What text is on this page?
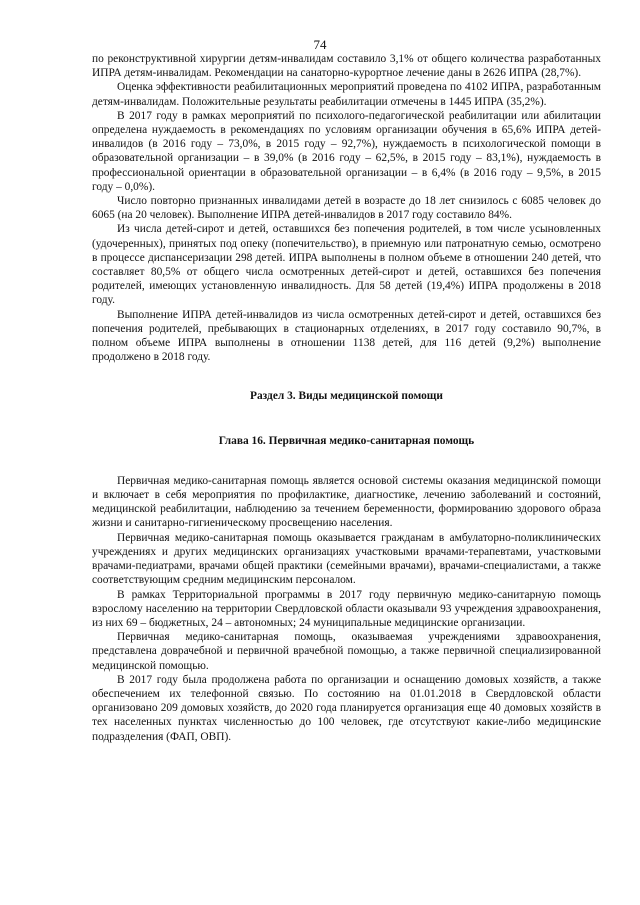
74

по реконструктивной хирургии детям-инвалидам составило 3,1% от общего количества разработанных ИПРА детям-инвалидам. Рекомендации на санаторно-курортное лечение даны в 2626 ИПРА (28,7%).

Оценка эффективности реабилитационных мероприятий проведена по 4102 ИПРА, разработанным детям-инвалидам. Положительные результаты реабилитации отмечены в 1445 ИПРА (35,2%).

В 2017 году в рамках мероприятий по психолого-педагогической реабилитации или абилитации определена нуждаемость в рекомендациях по условиям организации обучения в 65,6% ИПРА детей-инвалидов (в 2016 году – 73,0%, в 2015 году – 92,7%), нуждаемость в психологической помощи в образовательной организации – в 39,0% (в 2016 году – 62,5%, в 2015 году – 83,1%), нуждаемость в профессиональной ориентации в образовательной организации – в 6,4% (в 2016 году – 9,5%, в 2015 году – 0,0%).

Число повторно признанных инвалидами детей в возрасте до 18 лет снизилось с 6085 человек до 6065 (на 20 человек). Выполнение ИПРА детей-инвалидов в 2017 году составило 84%.

Из числа детей-сирот и детей, оставшихся без попечения родителей, в том числе усыновленных (удочеренных), принятых под опеку (попечительство), в приемную или патронатную семью, осмотрено в процессе диспансеризации 298 детей. ИПРА выполнены в полном объеме в отношении 240 детей, что составляет 80,5% от общего числа осмотренных детей-сирот и детей, оставшихся без попечения родителей, имеющих установленную инвалидность. Для 58 детей (19,4%) ИПРА продолжены в 2018 году.

Выполнение ИПРА детей-инвалидов из числа осмотренных детей-сирот и детей, оставшихся без попечения родителей, пребывающих в стационарных отделениях, в 2017 году составило 90,7%, в полном объеме ИПРА выполнены в отношении 1138 детей, для 116 детей (9,2%) выполнение продолжено в 2018 году.

Раздел 3. Виды медицинской помощи
Глава 16. Первичная медико-санитарная помощь

Первичная медико-санитарная помощь является основой системы оказания медицинской помощи и включает в себя мероприятия по профилактике, диагностике, лечению заболеваний и состояний, медицинской реабилитации, наблюдению за течением беременности, формированию здорового образа жизни и санитарно-гигиеническому просвещению населения.

Первичная медико-санитарная помощь оказывается гражданам в амбулаторно-поликлинических учреждениях и других медицинских организациях участковыми врачами-терапевтами, участковыми врачами-педиатрами, врачами общей практики (семейными врачами), врачами-специалистами, а также соответствующим средним медицинским персоналом.

В рамках Территориальной программы в 2017 году первичную медико-санитарную помощь взрослому населению на территории Свердловской области оказывали 93 учреждения здравоохранения, из них 69 – бюджетных, 24 – автономных; 24 муниципальные медицинские организации.

Первичная медико-санитарная помощь, оказываемая учреждениями здравоохранения, представлена доврачебной и первичной врачебной помощью, а также первичной специализированной медицинской помощью.

В 2017 году была продолжена работа по организации и оснащению домовых хозяйств, а также обеспечением их телефонной связью. По состоянию на 01.01.2018 в Свердловской области организовано 209 домовых хозяйств, до 2020 года планируется организация еще 40 домовых хозяйств в тех населенных пунктах численностью до 100 человек, где отсутствуют какие-либо медицинские подразделения (ФАП, ОВП).
